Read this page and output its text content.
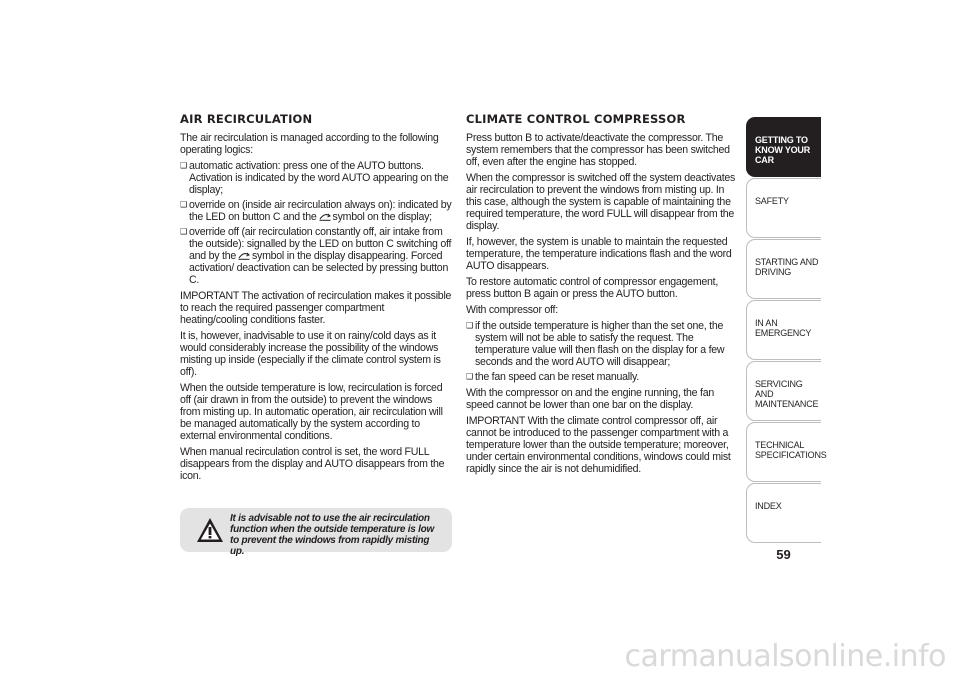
AIR RECIRCULATION

The air recirculation is managed according to the following operating logics:

❑ automatic activation: press one of the AUTO buttons. Activation is indicated by the word AUTO appearing on the display;
❑ override on (inside air recirculation always on): indicated by the LED on button C and the symbol on the display;
❑ override off (air recirculation constantly off, air intake from the outside): signalled by the LED on button C switching off and by the symbol in the display disappearing. Forced activation/ deactivation can be selected by pressing button C.

IMPORTANT The activation of recirculation makes it possible to reach the required passenger compartment heating/cooling conditions faster.

It is, however, inadvisable to use it on rainy/cold days as it would considerably increase the possibility of the windows misting up inside (especially if the climate control system is off).

When the outside temperature is low, recirculation is forced off (air drawn in from the outside) to prevent the windows from misting up. In automatic operation, air recirculation will be managed automatically by the system according to external environmental conditions.

When manual recirculation control is set, the word FULL disappears from the display and AUTO disappears from the icon.

It is advisable not to use the air recirculation function when the outside temperature is low to prevent the windows from rapidly misting up.
CLIMATE CONTROL COMPRESSOR

Press button B to activate/deactivate the compressor. The system remembers that the compressor has been switched off, even after the engine has stopped.

When the compressor is switched off the system deactivates air recirculation to prevent the windows from misting up. In this case, although the system is capable of maintaining the required temperature, the word FULL will disappear from the display.

If, however, the system is unable to maintain the requested temperature, the temperature indications flash and the word AUTO disappears.

To restore automatic control of compressor engagement, press button B again or press the AUTO button.

With compressor off:

❑ if the outside temperature is higher than the set one, the system will not be able to satisfy the request. The temperature value will then flash on the display for a few seconds and the word AUTO will disappear;
❑ the fan speed can be reset manually.

With the compressor on and the engine running, the fan speed cannot be lower than one bar on the display.

IMPORTANT With the climate control compressor off, air cannot be introduced to the passenger compartment with a temperature lower than the outside temperature; moreover, under certain environmental conditions, windows could mist rapidly since the air is not dehumidified.

GETTING TO KNOW YOUR CAR
SAFETY
STARTING AND DRIVING
IN AN EMERGENCY
SERVICING AND MAINTENANCE
TECHNICAL SPECIFICATIONS
INDEX
59
carmanualsonline.info
